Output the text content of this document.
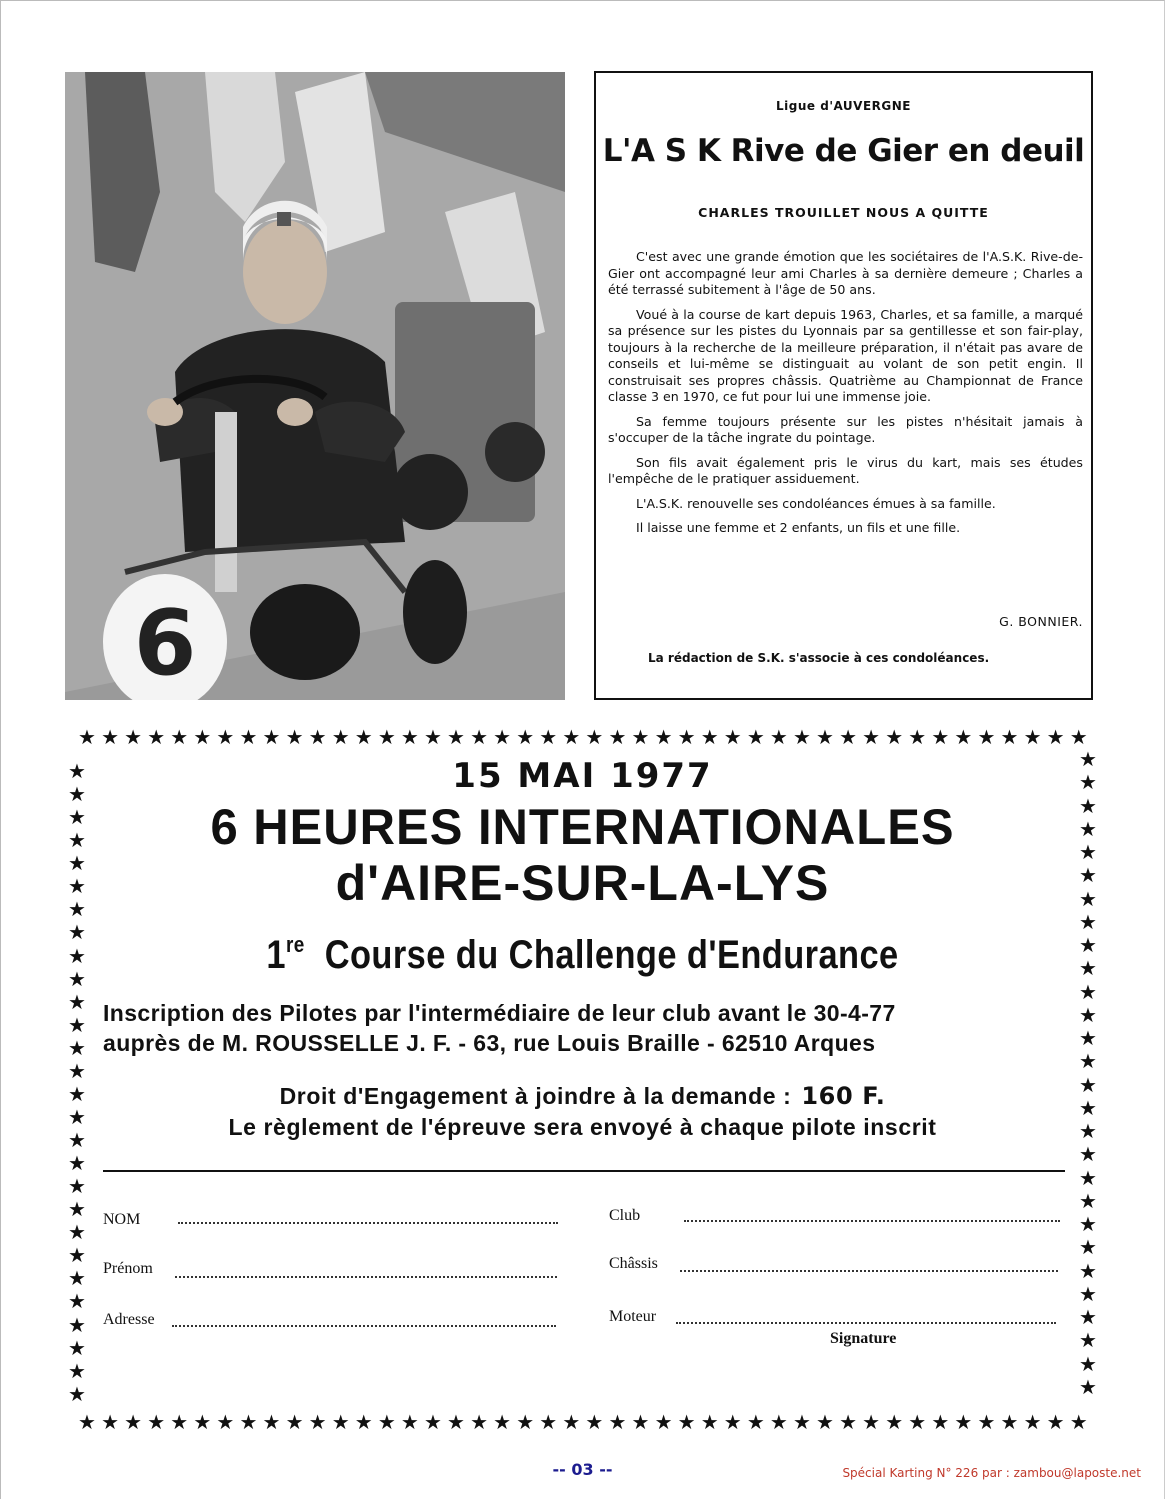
6
Ligue d'AUVERGNE
L'A S K Rive de Gier en deuil
CHARLES TROUILLET NOUS A QUITTE

C'est avec une grande émotion que les sociétaires de l'A.S.K. Rive-de-Gier ont accompagné leur ami Charles à sa dernière demeure ; Charles a été terrassé subitement à l'âge de 50 ans.

Voué à la course de kart depuis 1963, Charles, et sa famille, a marqué sa présence sur les pistes du Lyonnais par sa gentillesse et son fair-play, toujours à la recherche de la meilleure préparation, il n'était pas avare de conseils et lui-même se distinguait au volant de son petit engin. Il construisait ses propres châssis. Quatrième au Championnat de France classe 3 en 1970, ce fut pour lui une immense joie.

Sa femme toujours présente sur les pistes n'hésitait jamais à s'occuper de la tâche ingrate du pointage.

Son fils avait également pris le virus du kart, mais ses études l'empêche de le pratiquer assiduement.

L'A.S.K. renouvelle ses condoléances émues à sa famille.

Il laisse une femme et 2 enfants, un fils et une fille.

G. BONNIER.
La rédaction de S.K. s'associe à ces condoléances.
★ ★ ★ ★ ★ ★ ★ ★ ★ ★ ★ ★ ★ ★ ★ ★ ★ ★ ★ ★ ★ ★ ★ ★ ★ ★ ★ ★ ★ ★ ★ ★ ★ ★ ★ ★ ★ ★ ★ ★ ★ ★ ★ ★
★ ★ ★ ★ ★ ★ ★ ★ ★ ★ ★ ★ ★ ★ ★ ★ ★ ★ ★ ★ ★ ★ ★ ★ ★ ★ ★ ★ ★ ★ ★ ★ ★ ★ ★ ★ ★ ★ ★ ★ ★ ★ ★ ★
★
★
★
★
★
★
★
★
★
★
★
★
★
★
★
★
★
★
★
★
★
★
★
★
★
★
★
★
★
★
★
★
★
★
★
★
★
★
★
★
★
★
★
★
★
★
★
★
★
★
★
★
★
★
★
★
15 MAI 1977
6 HEURES INTERNATIONALES
d'AIRE-SUR-LA-LYS
1re Course du Challenge d'Endurance
Inscription des Pilotes par l'intermédiaire de leur club avant le 30-4-77
auprès de M. ROUSSELLE J. F. - 63, rue Louis Braille - 62510 Arques
Droit d'Engagement à joindre à la demande : 160 F.
Le règlement de l'épreuve sera envoyé à chaque pilote inscrit
NOM
Prénom
Adresse
Club
Châssis
Moteur
Signature
-- 03 --	Spécial Karting N° 226 par : zambou@laposte.net
